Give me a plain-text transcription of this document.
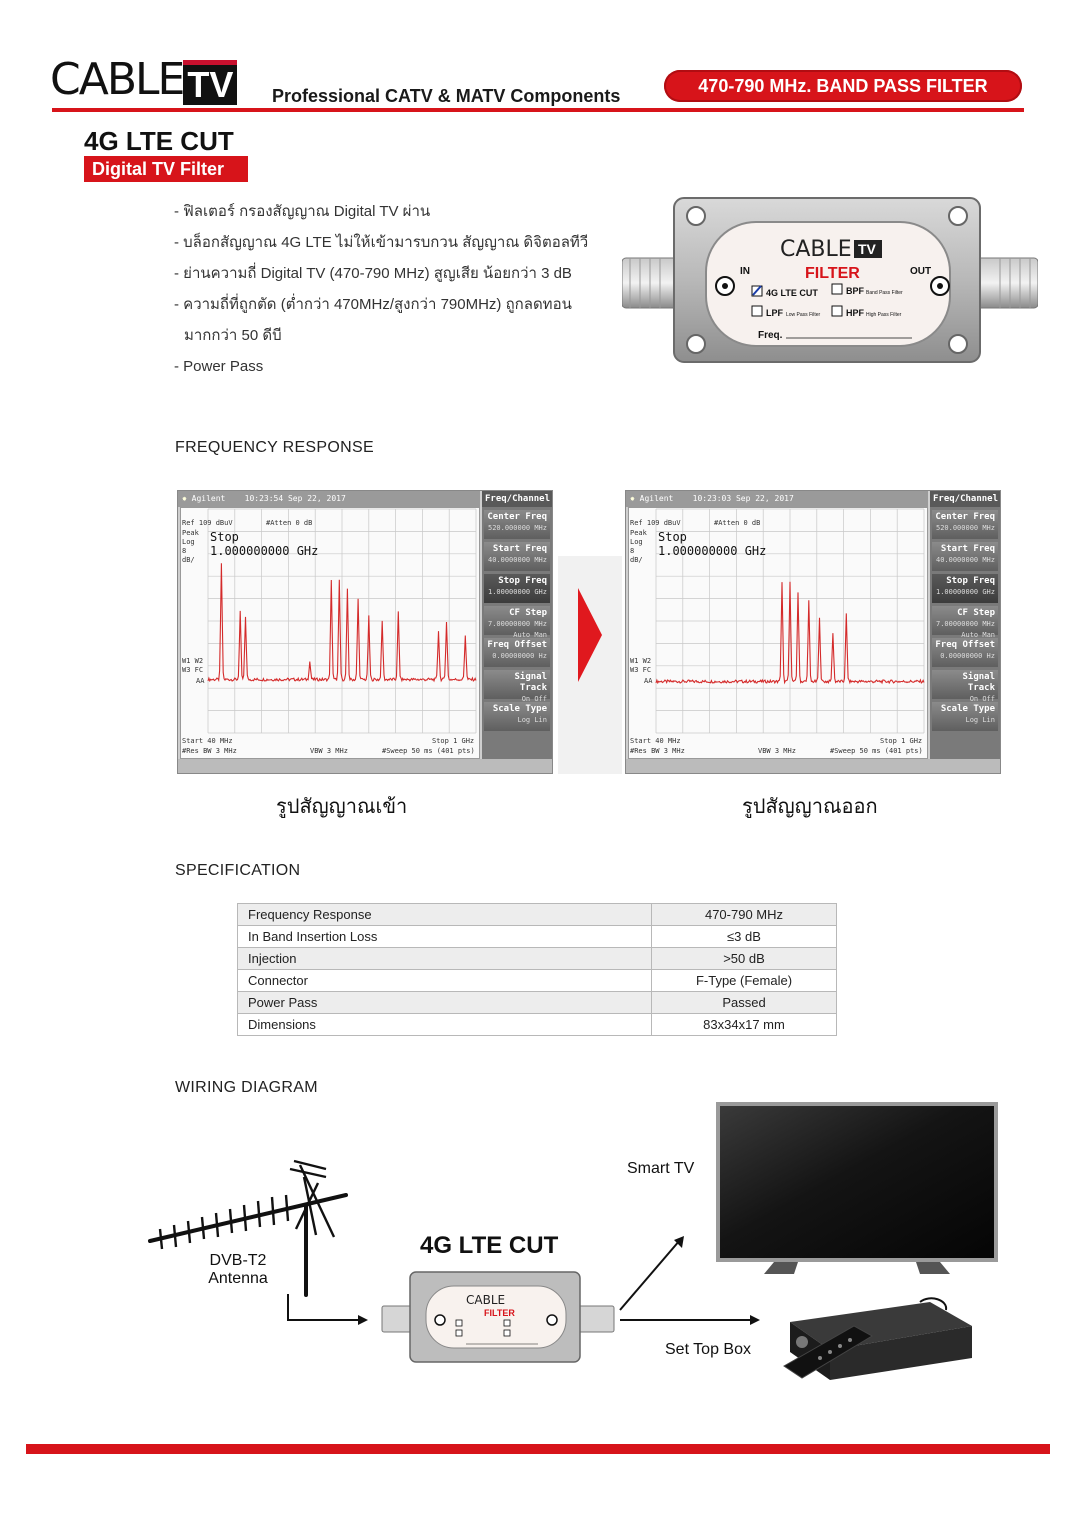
CABLE TV	Professional CATV & MATV Components	470-790 MHz. BAND PASS FILTER
4G LTE CUT
Digital TV Filter
- ฟิลเตอร์ กรองสัญญาณ Digital TV ผ่าน
- บล็อกสัญญาณ 4G LTE ไม่ให้เข้ามารบกวน สัญญาณ ดิจิตอลทีวี
- ย่านความถี่ Digital TV (470-790 MHz) สูญเสีย น้อยกว่า 3 dB
- ความถี่ที่ถูกตัด (ต่ำกว่า 470MHz/สูงกว่า 790MHz) ถูกลดทอน
มากกว่า 50 ดีบี
- Power Pass
CABLE TV
FILTER
IN	OUT
4G LTE CUT	BPF Band Pass Filter
LPF Low Pass Filter	HPF High Pass Filter
Freq.
FREQUENCY RESPONSE
✸ Agilent 10:23:54 Sep 22, 2017
Ref 109 dBuV	#Atten 0 dB
Peak
Log
8
dB/
Stop
1.000000000 GHz
W1 W2
W3 FC
AA
Start 40 MHz	Stop 1 GHz
#Res BW 3 MHz	VBW 3 MHz	#Sweep 50 ms (401 pts)
Freq/Channel
Center Freq
520.000000 MHz
Start Freq
40.0000000 MHz
Stop Freq
1.00000000 GHz
CF Step
7.00000000 MHz
Auto Man
Freq Offset
0.00000000 Hz
Signal Track
On Off
Scale Type
Log Lin
✸ Agilent 10:23:03 Sep 22, 2017
Ref 109 dBuV	#Atten 0 dB
Peak
Log
8
dB/
Stop
1.000000000 GHz
W1 W2
W3 FC
AA
Start 40 MHz	Stop 1 GHz
#Res BW 3 MHz	VBW 3 MHz	#Sweep 50 ms (401 pts)
Freq/Channel
Center Freq
520.000000 MHz
Start Freq
40.0000000 MHz
Stop Freq
1.00000000 GHz
CF Step
7.00000000 MHz
Auto Man
Freq Offset
0.00000000 Hz
Signal Track
On Off
Scale Type
Log Lin
รูปสัญญาณเข้า	รูปสัญญาณออก
SPECIFICATION
Frequency Response	470-790 MHz
In Band Insertion Loss	≤3 dB
Injection	>50 dB
Connector	F-Type (Female)
Power Pass	Passed
Dimensions	83x34x17 mm
WIRING DIAGRAM
DVB-T2
Antenna
4G LTE CUT
CABLE
FILTER
Smart TV
Set Top Box
